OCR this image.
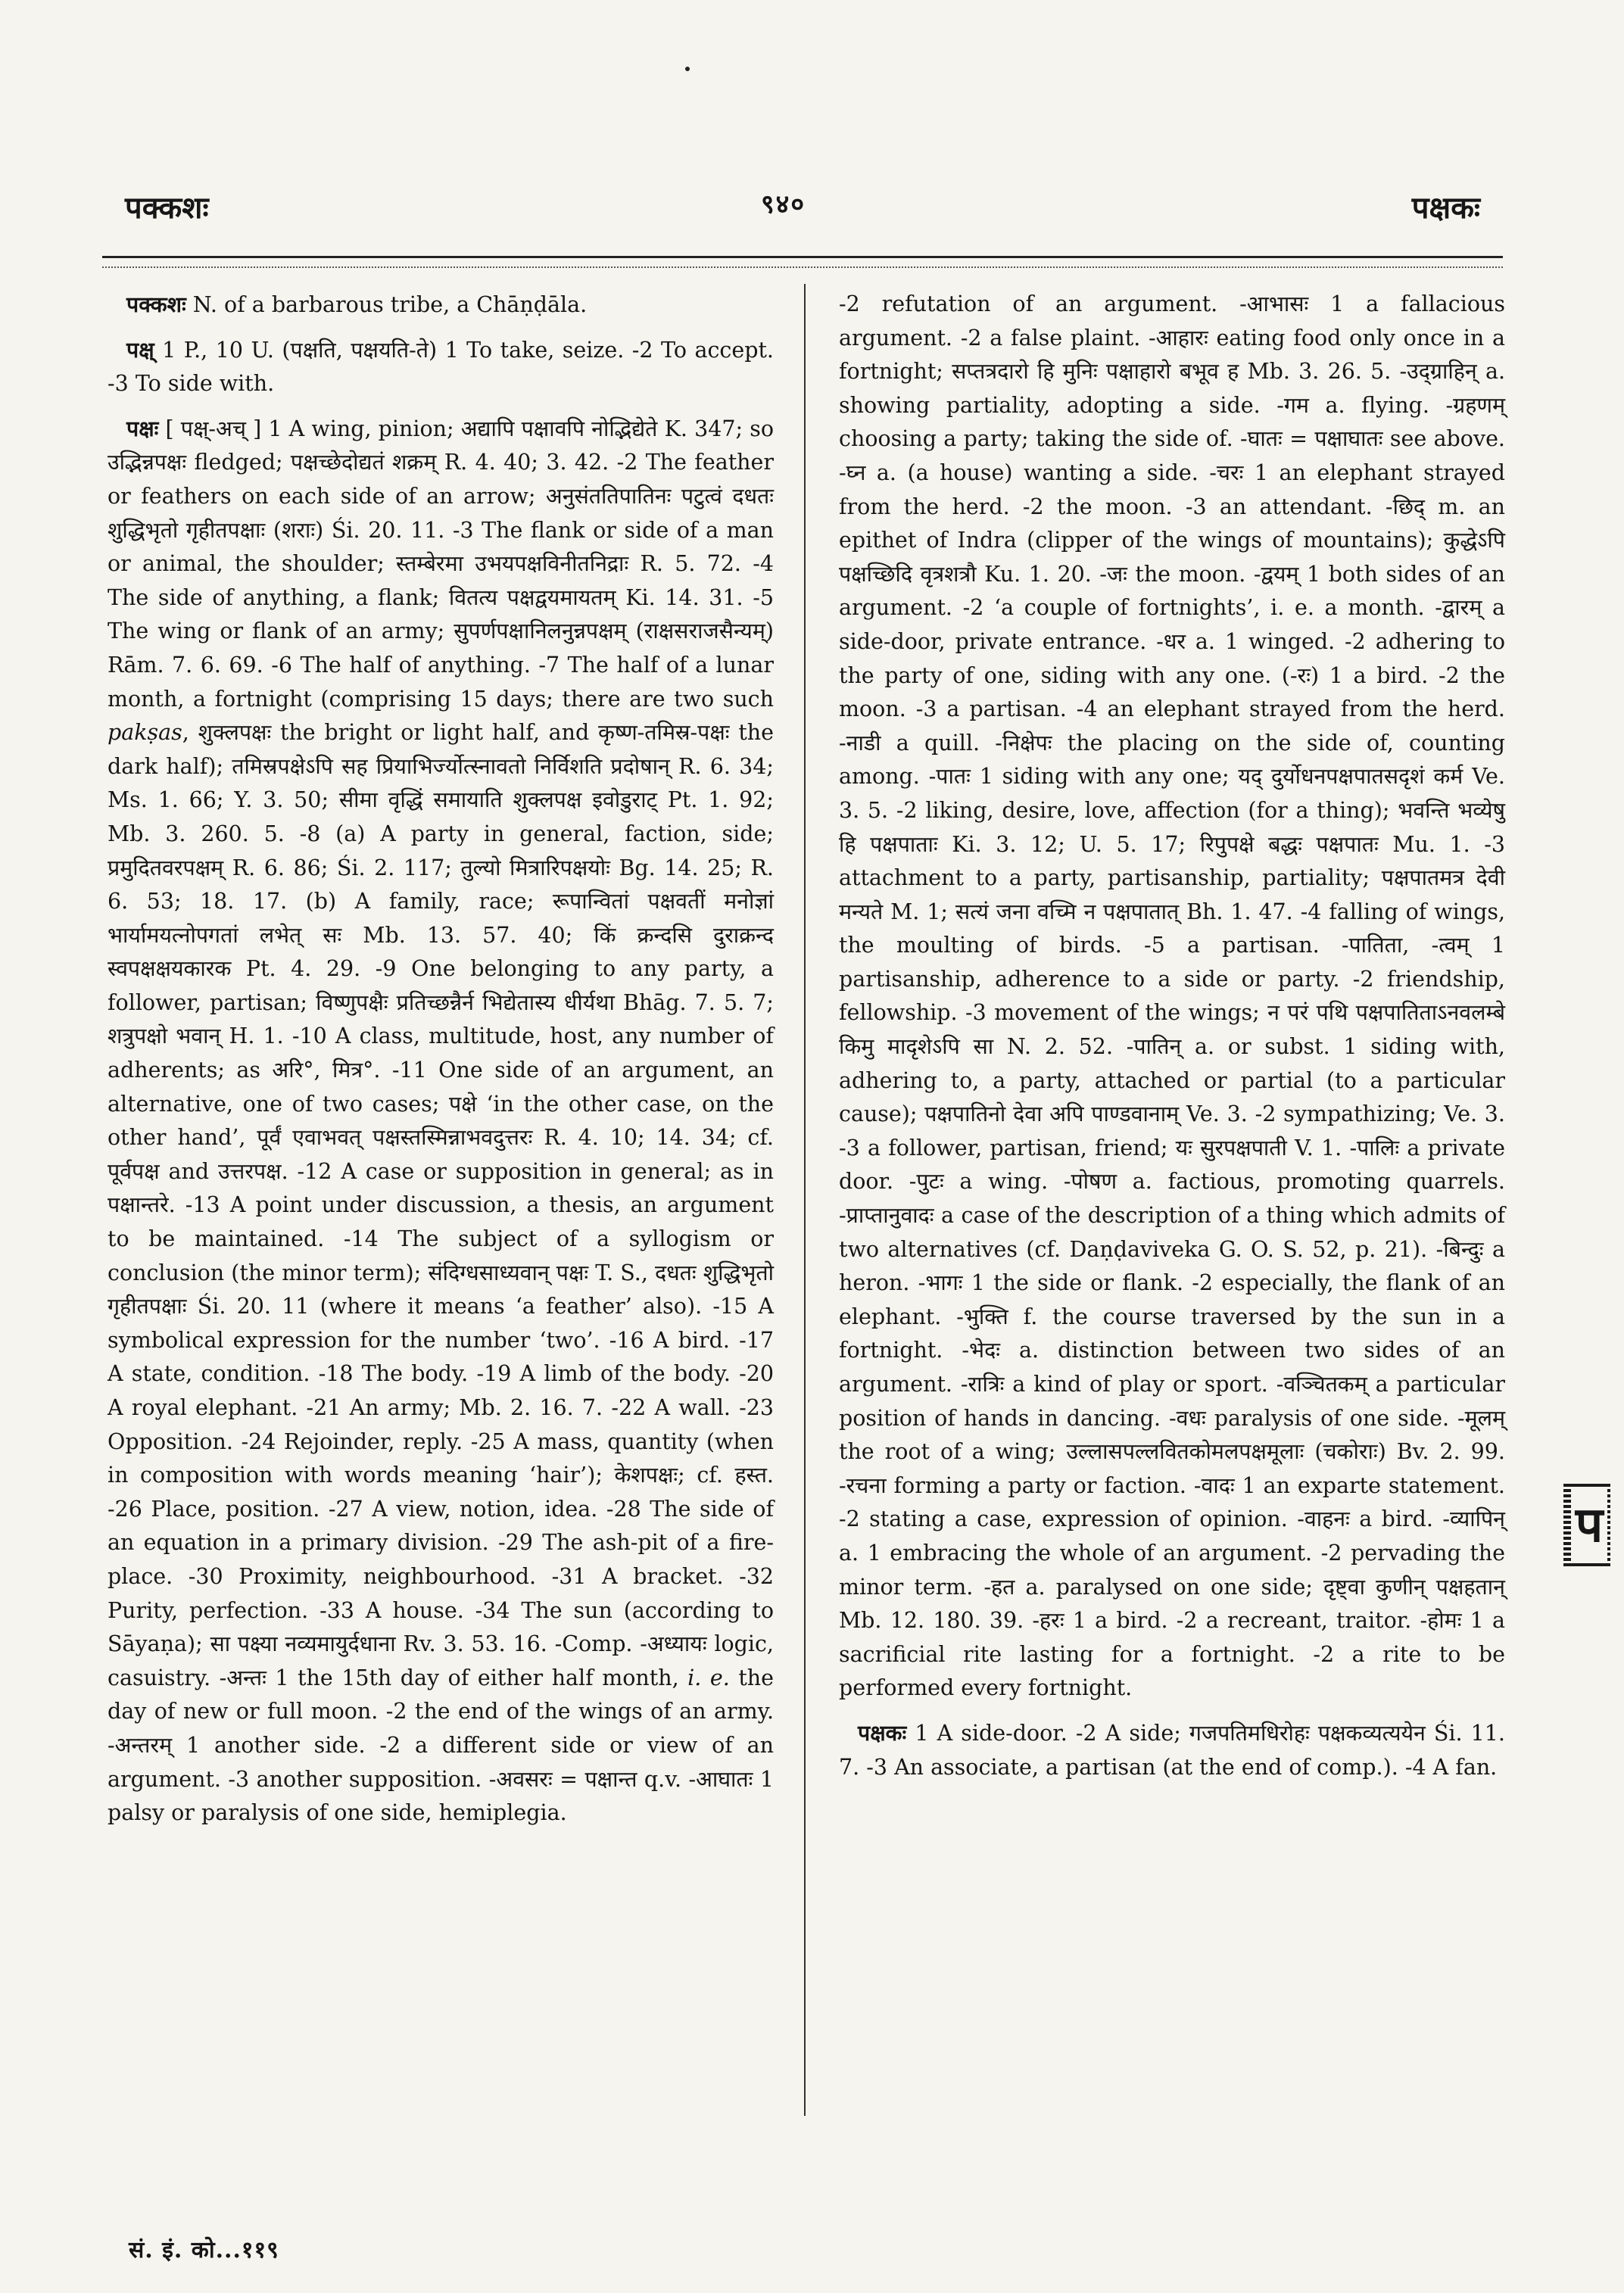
पक्कशः	९४०	पक्षकः

पक्कशः N. of a barbarous tribe, a Chāṇḍāla.

पक्ष् 1 P., 10 U. (पक्षति, पक्षयति-ते) 1 To take, seize. -2 To accept. -3 To side with.

पक्षः [ पक्ष्-अच् ] 1 A wing, pinion; अद्यापि पक्षावपि नोद्भिद्येते K. 347; so उद्भिन्नपक्षः fledged; पक्षच्छेदोद्यतं शक्रम् R. 4. 40; 3. 42. -2 The feather or feathers on each side of an arrow; अनुसंततिपातिनः पटुत्वं दधतः शुद्धिभृतो गृहीतपक्षाः (शराः) Śi. 20. 11. -3 The flank or side of a man or animal, the shoulder; स्तम्बेरमा उभयपक्षविनीतनिद्राः R. 5. 72. -4 The side of anything, a flank; वितत्य पक्षद्वयमायतम् Ki. 14. 31. -5 The wing or flank of an army; सुपर्णपक्षानिलनुन्नपक्षम् (राक्षसराजसैन्यम्) Rām. 7. 6. 69. -6 The half of anything. -7 The half of a lunar month, a fortnight (comprising 15 days; there are two such pakṣas, शुक्लपक्षः the bright or light half, and कृष्ण-तमिस्र-पक्षः the dark half); तमिस्रपक्षेऽपि सह प्रियाभिर्ज्योत्स्नावतो निर्विशति प्रदोषान् R. 6. 34; Ms. 1. 66; Y. 3. 50; सीमा वृद्धिं समायाति शुक्लपक्ष इवोडुराट् Pt. 1. 92; Mb. 3. 260. 5. -8 (a) A party in general, faction, side; प्रमुदितवरपक्षम् R. 6. 86; Śi. 2. 117; तुल्यो मित्रारिपक्षयोः Bg. 14. 25; R. 6. 53; 18. 17. (b) A family, race; रूपान्वितां पक्षवतीं मनोज्ञां भार्यामयत्नोपगतां लभेत् सः Mb. 13. 57. 40; किं क्रन्दसि दुराक्रन्द स्वपक्षक्षयकारक Pt. 4. 29. -9 One belonging to any party, a follower, partisan; विष्णुपक्षैः प्रतिच्छन्नैर्न भिद्येतास्य धीर्यथा Bhāg. 7. 5. 7; शत्रुपक्षो भवान् H. 1. -10 A class, multitude, host, any number of adherents; as अरि°, मित्र°. -11 One side of an argument, an alternative, one of two cases; पक्षे ‘in the other case, on the other hand’, पूर्वं एवाभवत् पक्षस्तस्मिन्नाभवदुत्तरः R. 4. 10; 14. 34; cf. पूर्वपक्ष and उत्तरपक्ष. -12 A case or supposition in general; as in पक्षान्तरे. -13 A point under discussion, a thesis, an argument to be maintained. -14 The subject of a syllogism or conclusion (the minor term); संदिग्धसाध्यवान् पक्षः T. S., दधतः शुद्धिभृतो गृहीतपक्षाः Śi. 20. 11 (where it means ‘a feather’ also). -15 A symbolical expression for the number ‘two’. -16 A bird. -17 A state, condition. -18 The body. -19 A limb of the body. -20 A royal elephant. -21 An army; Mb. 2. 16. 7. -22 A wall. -23 Opposition. -24 Rejoinder, reply. -25 A mass, quantity (when in composition with words meaning ‘hair’); केशपक्षः; cf. हस्त. -26 Place, position. -27 A view, notion, idea. -28 The side of an equation in a primary division. -29 The ash-pit of a fire-place. -30 Proximity, neighbourhood. -31 A bracket. -32 Purity, perfection. -33 A house. -34 The sun (according to Sāyaṇa); सा पक्ष्या नव्यमायुर्दधाना Rv. 3. 53. 16. -Comp. -अध्यायः logic, casuistry. -अन्तः 1 the 15th day of either half month, i. e. the day of new or full moon. -2 the end of the wings of an army. -अन्तरम् 1 another side. -2 a different side or view of an argument. -3 another supposition. -अवसरः = पक्षान्त q.v. -आघातः 1 palsy or paralysis of one side, hemiplegia.

-2 refutation of an argument. -आभासः 1 a fallacious argument. -2 a false plaint. -आहारः eating food only once in a fortnight; सप्तत्रदारो हि मुनिः पक्षाहारो बभूव ह Mb. 3. 26. 5. -उद्ग्राहिन् a. showing partiality, adopting a side. -गम a. flying. -ग्रहणम् choosing a party; taking the side of. -घातः = पक्षाघातः see above. -घ्न a. (a house) wanting a side. -चरः 1 an elephant strayed from the herd. -2 the moon. -3 an attendant. -छिद् m. an epithet of Indra (clipper of the wings of mountains); कुद्धेऽपि पक्षच्छिदि वृत्रशत्रौ Ku. 1. 20. -जः the moon. -द्वयम् 1 both sides of an argument. -2 ‘a couple of fortnights’, i. e. a month. -द्वारम् a side-door, private entrance. -धर a. 1 winged. -2 adhering to the party of one, siding with any one. (-रः) 1 a bird. -2 the moon. -3 a partisan. -4 an elephant strayed from the herd. -नाडी a quill. -निक्षेपः the placing on the side of, counting among. -पातः 1 siding with any one; यद् दुर्योधनपक्षपातसदृशं कर्म Ve. 3. 5. -2 liking, desire, love, affection (for a thing); भवन्ति भव्येषु हि पक्षपाताः Ki. 3. 12; U. 5. 17; रिपुपक्षे बद्धः पक्षपातः Mu. 1. -3 attachment to a party, partisanship, partiality; पक्षपातमत्र देवी मन्यते M. 1; सत्यं जना वच्मि न पक्षपातात् Bh. 1. 47. -4 falling of wings, the moulting of birds. -5 a partisan. -पातिता, -त्वम् 1 partisanship, adherence to a side or party. -2 friendship, fellowship. -3 movement of the wings; न परं पथि पक्षपातिताऽनवलम्बे किमु मादृशेऽपि सा N. 2. 52. -पातिन् a. or subst. 1 siding with, adhering to, a party, attached or partial (to a particular cause); पक्षपातिनो देवा अपि पाण्डवानाम् Ve. 3. -2 sympathizing; Ve. 3. -3 a follower, partisan, friend; यः सुरपक्षपाती V. 1. -पालिः a private door. -पुटः a wing. -पोषण a. factious, promoting quarrels. -प्राप्तानुवादः a case of the description of a thing which admits of two alternatives (cf. Daṇḍaviveka G. O. S. 52, p. 21). -बिन्दुः a heron. -भागः 1 the side or flank. -2 especially, the flank of an elephant. -भुक्ति f. the course traversed by the sun in a fortnight. -भेदः a. distinction between two sides of an argument. -रात्रिः a kind of play or sport. -वञ्चितकम् a particular position of hands in dancing. -वधः paralysis of one side. -मूलम् the root of a wing; उल्लासपल्लवितकोमलपक्षमूलाः (चकोराः) Bv. 2. 99. -रचना forming a party or faction. -वादः 1 an exparte statement. -2 stating a case, expression of opinion. -वाहनः a bird. -व्यापिन् a. 1 embracing the whole of an argument. -2 pervading the minor term. -हत a. paralysed on one side; दृष्ट्वा कुणीन् पक्षहतान् Mb. 12. 180. 39. -हरः 1 a bird. -2 a recreant, traitor. -होमः 1 a sacrificial rite lasting for a fortnight. -2 a rite to be performed every fortnight.

पक्षकः 1 A side-door. -2 A side; गजपतिमधिरोहः पक्षकव्यत्ययेन Śi. 11. 7. -3 An associate, a partisan (at the end of comp.). -4 A fan.

सं. इं. को...११९
प
